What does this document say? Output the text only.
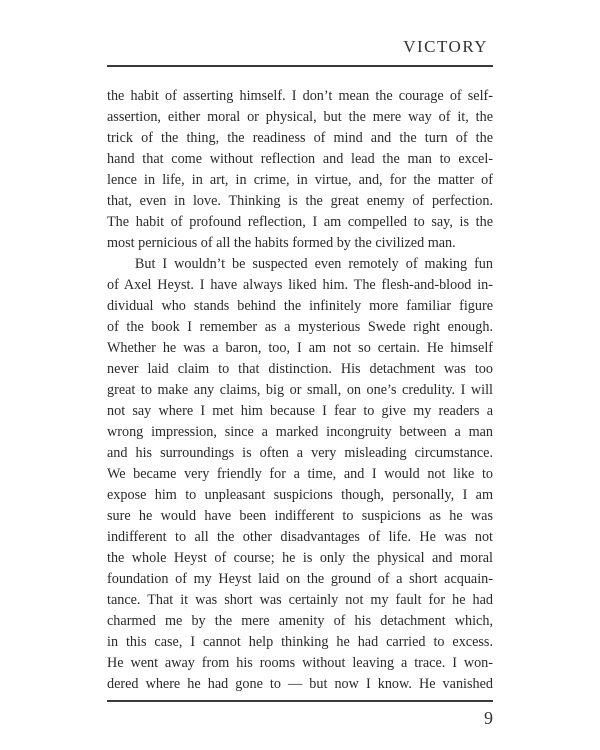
VICTORY
the habit of asserting himself. I don’t mean the courage of self-
assertion, either moral or physical, but the mere way of it, the
trick of the thing, the readiness of mind and the turn of the
hand that come without reflection and lead the man to excel-
lence in life, in art, in crime, in virtue, and, for the matter of
that, even in love. Thinking is the great enemy of perfection.
The habit of profound reflection, I am compelled to say, is the
most pernicious of all the habits formed by the civilized man.
But I wouldn’t be suspected even remotely of making fun
of Axel Heyst. I have always liked him. The flesh-and-blood in-
dividual who stands behind the infinitely more familiar figure
of the book I remember as a mysterious Swede right enough.
Whether he was a baron, too, I am not so certain. He himself
never laid claim to that distinction. His detachment was too
great to make any claims, big or small, on one’s credulity. I will
not say where I met him because I fear to give my readers a
wrong impression, since a marked incongruity between a man
and his surroundings is often a very misleading circumstance.
We became very friendly for a time, and I would not like to
expose him to unpleasant suspicions though, personally, I am
sure he would have been indifferent to suspicions as he was
indifferent to all the other disadvantages of life. He was not
the whole Heyst of course; he is only the physical and moral
foundation of my Heyst laid on the ground of a short acquain-
tance. That it was short was certainly not my fault for he had
charmed me by the mere amenity of his detachment which,
in this case, I cannot help thinking he had carried to excess.
He went away from his rooms without leaving a trace. I won-
dered where he had gone to — but now I know. He vanished
9
